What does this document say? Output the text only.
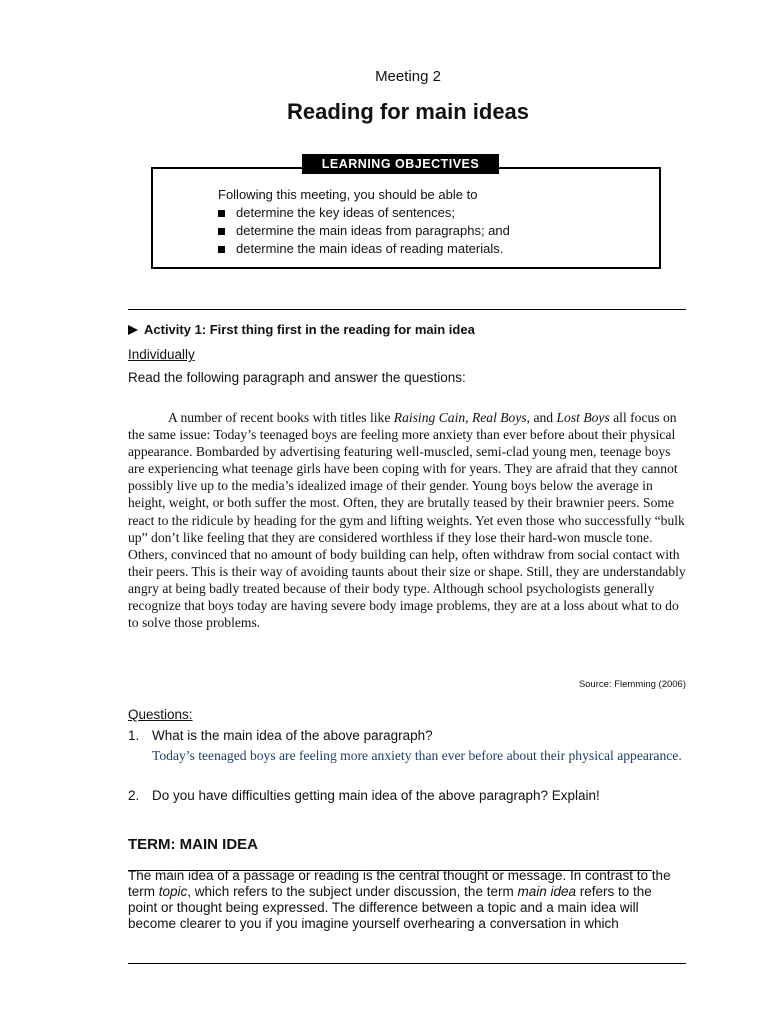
Meeting 2
Reading for main ideas
LEARNING OBJECTIVES
Following this meeting, you should be able to
determine the key ideas of sentences;
determine the main ideas from paragraphs; and
determine the main ideas of reading materials.
Activity 1: First thing first in the reading for main idea
Individually
Read the following paragraph and answer the questions:

A number of recent books with titles like Raising Cain, Real Boys, and Lost Boys all focus on the same issue: Today’s teenaged boys are feeling more anxiety than ever before about their physical appearance. Bombarded by advertising featuring well-muscled, semi-clad young men, teenage boys are experiencing what teenage girls have been coping with for years. They are afraid that they cannot possibly live up to the media’s idealized image of their gender. Young boys below the average in height, weight, or both suffer the most. Often, they are brutally teased by their brawnier peers. Some react to the ridicule by heading for the gym and lifting weights. Yet even those who successfully “bulk up” don’t like feeling that they are considered worthless if they lose their hard-won muscle tone. Others, convinced that no amount of body building can help, often withdraw from social contact with their peers. This is their way of avoiding taunts about their size or shape. Still, they are understandably angry at being badly treated because of their body type. Although school psychologists generally recognize that boys today are having severe body image problems, they are at a loss about what to do to solve those problems.

Source: Flemming (2006)
Questions:
1. What is the main idea of the above paragraph?

Today’s teenaged boys are feeling more anxiety than ever before about their physical appearance.

2. Do you have difficulties getting main idea of the above paragraph? Explain!
TERM: MAIN IDEA

The main idea of a passage or reading is the central thought or message. In contrast to the term topic, which refers to the subject under discussion, the term main idea refers to the point or thought being expressed. The difference between a topic and a main idea will become clearer to you if you imagine yourself overhearing a conversation in which
